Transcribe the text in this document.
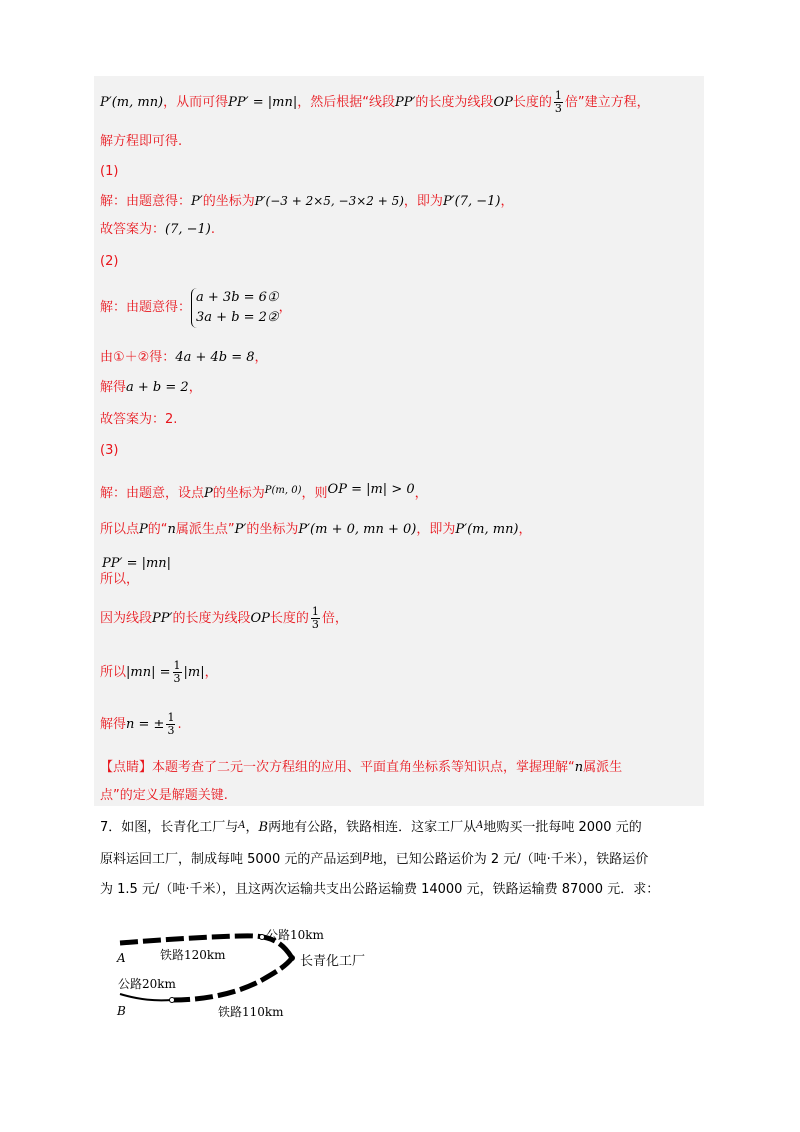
P′(m, mn)，从而可得PP′ = |mn|，然后根据“线段PP′的长度为线段OP长度的 $\frac{1}{3}$ 倍”建立方程，
解方程即可得.
(1)
解：由题意得：P′的坐标为P′(−3 + 2×5, −3×2 + 5)，即为P′(7, −1)，
故答案为：(7, −1).
(2)
解：由题意得：
a + 3b = 6①
3a + b = 2②
，
由①＋②得：4a + 4b = 8，
解得a + b = 2，
故答案为：2.
(3)
解：由题意，设点P的坐标为$^{P(m, 0)}$，则OP = |m| > 0，
所以点P的“n属派生点”P′的坐标为P′(m + 0, mn + 0)，即为P′(m, mn)，
PP′ = |mn|
所以，
因为线段PP′的长度为线段OP长度的 $\frac{1}{3}$ 倍，
所以$|mn| = \frac{1}{3} |m|$，
解得n = ± $\frac{1}{3}$ .
【点睛】本题考查了二元一次方程组的应用、平面直角坐标系等知识点，掌握理解“n属派生
点”的定义是解题关键.
7．如图，长青化工厂与$^A$，B两地有公路，铁路相连．这家工厂从$^A$地购买一批每吨 2000 元的
原料运回工厂，制成每吨 5000 元的产品运到$^B$地，已知公路运价为 2 元/（吨·千米），铁路运价
为 1.5 元/（吨·千米），且这两次运输共支出公路运输费 14000 元，铁路运输费 87000 元．求：
铁路120km
公路10km
长青化工厂
A
公路20km
B	铁路110km
